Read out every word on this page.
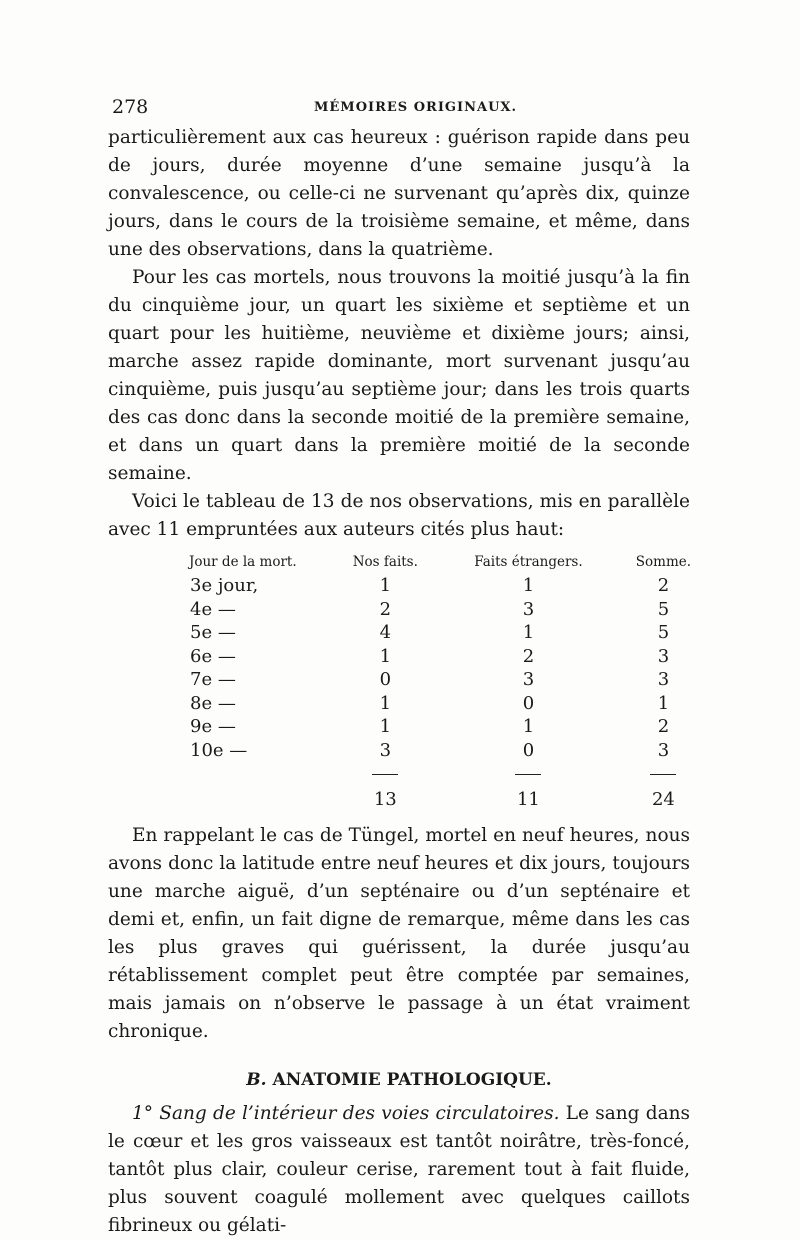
278	MÉMOIRES ORIGINAUX.

particulièrement aux cas heureux : guérison rapide dans peu de jours, durée moyenne d’une semaine jusqu’à la convalescence, ou celle-ci ne survenant qu’après dix, quinze jours, dans le cours de la troisième semaine, et même, dans une des observations, dans la quatrième.

Pour les cas mortels, nous trouvons la moitié jusqu’à la fin du cinquième jour, un quart les sixième et septième et un quart pour les huitième, neuvième et dixième jours; ainsi, marche assez rapide dominante, mort survenant jusqu’au cinquième, puis jusqu’au septième jour; dans les trois quarts des cas donc dans la seconde moitié de la première semaine, et dans un quart dans la première moitié de la seconde semaine.

Voici le tableau de 13 de nos observations, mis en parallèle avec 11 empruntées aux auteurs cités plus haut:

Jour de la mort.	Nos faits.	Faits étrangers.	Somme.
3e jour,	1	1	2
4e —	2	3	5
5e —	4	1	5
6e —	1	2	3
7e —	0	3	3
8e —	1	0	1
9e —	1	1	2
10e —	3	0	3

	13	11	24

En rappelant le cas de Tüngel, mortel en neuf heures, nous avons donc la latitude entre neuf heures et dix jours, toujours une marche aiguë, d’un septénaire ou d’un septénaire et demi et, enfin, un fait digne de remarque, même dans les cas les plus graves qui guérissent, la durée jusqu’au rétablissement complet peut être comptée par semaines, mais jamais on n’observe le passage à un état vraiment chronique.

B. ANATOMIE PATHOLOGIQUE.

1° Sang de l’intérieur des voies circulatoires. Le sang dans le cœur et les gros vaisseaux est tantôt noirâtre, très-foncé, tantôt plus clair, couleur cerise, rarement tout à fait fluide, plus souvent coagulé mollement avec quelques caillots fibrineux ou gélati-
